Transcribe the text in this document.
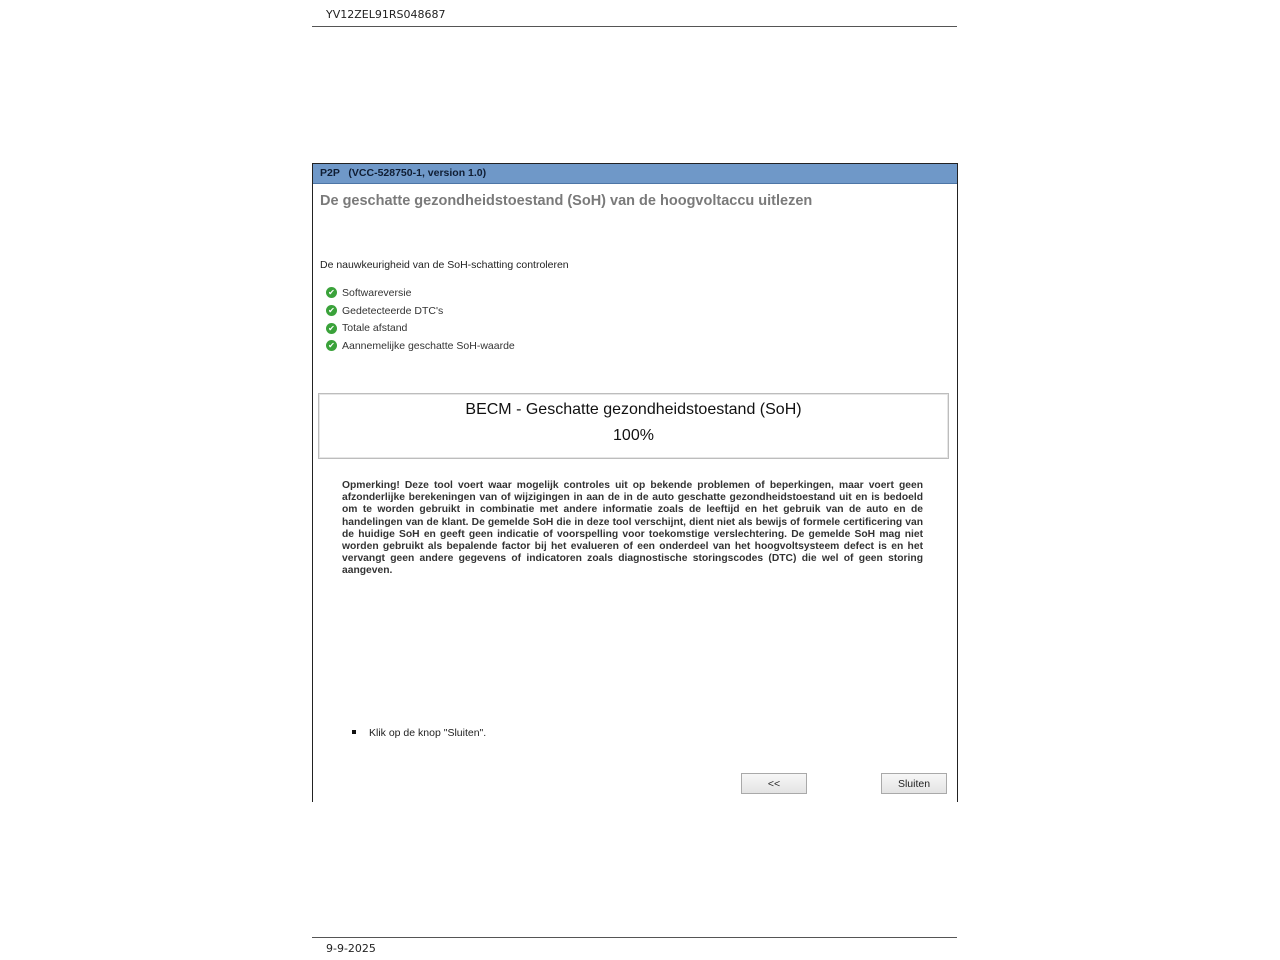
YV12ZEL91RS048687
P2P   (VCC-528750-1, version 1.0)
De geschatte gezondheidstoestand (SoH) van de hoogvoltaccu uitlezen
De nauwkeurigheid van de SoH-schatting controleren
✔ Softwareversie
✔ Gedetecteerde DTC's
✔ Totale afstand
✔ Aannemelijke geschatte SoH-waarde
BECM - Geschatte gezondheidstoestand (SoH)
100%
Opmerking! Deze tool voert waar mogelijk controles uit op bekende problemen of beperkingen, maar voert geen afzonderlijke berekeningen van of wijzigingen in aan de in de auto geschatte gezondheidstoestand uit en is bedoeld om te worden gebruikt in combinatie met andere informatie zoals de leeftijd en het gebruik van de auto en de handelingen van de klant. De gemelde SoH die in deze tool verschijnt, dient niet als bewijs of formele certificering van de huidige SoH en geeft geen indicatie of voorspelling voor toekomstige verslechtering. De gemelde SoH mag niet worden gebruikt als bepalende factor bij het evalueren of een onderdeel van het hoogvoltsysteem defect is en het vervangt geen andere gegevens of indicatoren zoals diagnostische storingscodes (DTC) die wel of geen storing aangeven.
Klik op de knop "Sluiten".
<<	Sluiten
9-9-2025
